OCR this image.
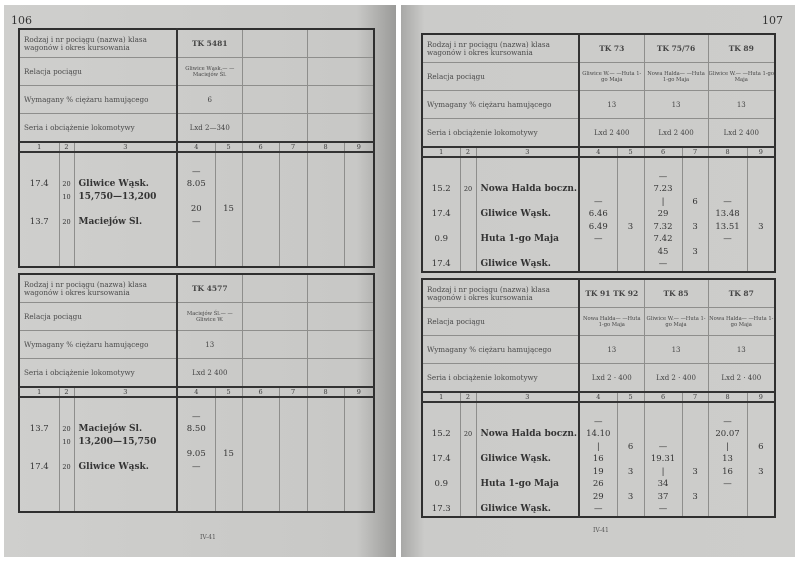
106
IV-41
Rodzaj i nr pociągu (nazwa) klasa wagonów i okres kursowania			TK 5481					
Relacja pociągu			Gliwice Wąsk.— —Maciejów Śl.					
Wymagany % ciężaru hamującego			6					
Seria i obciążenie lokomotywy			Lxd 2—340					
1	2	3	4	5	6	7	8	9

			—					
17.4	20	Gliwice Wąsk.	8.05					
	10	15,750—13,200						
			20	15				
13.7	20	Maciejów Śl.	—					

Rodzaj i nr pociągu (nazwa) klasa wagonów i okres kursowania			TK 4577					
Relacja pociągu			Maciejów Śl.— —Gliwice W.					
Wymagany % ciężaru hamującego			13					
Seria i obciążenie lokomotywy			Lxd 2 400					
1	2	3	4	5	6	7	8	9

			—					
13.7	20	Maciejów Śl.	8.50					
	10	13,200—15,750						
			9.05	15				
17.4	20	Gliwice Wąsk.	—					

107
IV-41
Rodzaj i nr pociągu (nazwa) klasa wagonów i okres kursowania			TK 73		TK 75/76		TK 89	
Relacja pociągu			Gliwice W.— —Huta 1-go Maja		Nowa Halda— —Huta 1-go Maja		Gliwice W.— —Huta 1-go Maja	
Wymagany % ciężaru hamującego			13		13		13	
Seria i obciążenie lokomotywy			Lxd 2 400		Lxd 2 400		Lxd 2 400	
1	2	3	4	5	6	7	8	9

					—			
15.2	20	Nowa Halda boczn.			7.23			
			—		|	6	—	
17.4		Gliwice Wąsk.	6.46		29		13.48	
			6.49	3	7.32	3	13.51	3
0.9		Huta 1-go Maja	—		7.42		—	
					45	3		
17.4		Gliwice Wąsk.			—			
Rodzaj i nr pociągu (nazwa) klasa wagonów i okres kursowania			TK 91 TK 92		TK 85		TK 87	
Relacja pociągu			Nowa Halda— —Huta 1-go Maja		Gliwice W.— —Huta 1-go Maja		Nowa Halda— —Huta 1-go Maja	
Wymagany % ciężaru hamującego			13		13		13	
Seria i obciążenie lokomotywy			Lxd 2 · 400		Lxd 2 · 400		Lxd 2 · 400	
1	2	3	4	5	6	7	8	9

			—				—	
15.2	20	Nowa Halda boczn.	14.10				20.07	
			|	6	—		|	6
17.4		Gliwice Wąsk.	16		19.31		13	
			19	3	|	3	16	3
0.9		Huta 1-go Maja	26		34		—	
			29	3	37	3		
17.3		Gliwice Wąsk.	—		—			
